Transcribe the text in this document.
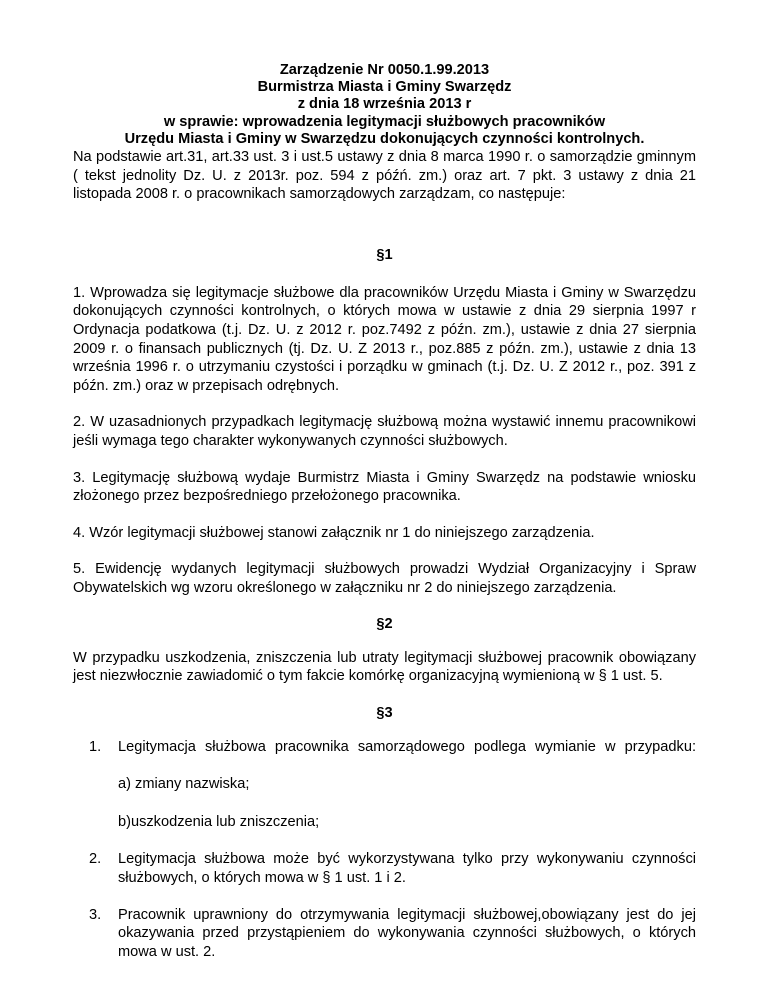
Zarządzenie Nr 0050.1.99.2013
Burmistrza Miasta i Gminy Swarzędz
z dnia 18 września 2013 r
w sprawie: wprowadzenia legitymacji służbowych pracowników
Urzędu Miasta i Gminy w Swarzędzu dokonujących czynności kontrolnych.

Na podstawie art.31, art.33 ust. 3 i ust.5 ustawy z dnia 8 marca 1990 r. o samorządzie gminnym ( tekst jednolity Dz. U. z 2013r. poz. 594 z późń. zm.) oraz art. 7 pkt. 3 ustawy z dnia 21 listopada 2008 r. o pracownikach samorządowych zarządzam, co następuje:

§1

1. Wprowadza się legitymacje służbowe dla pracowników Urzędu Miasta i Gminy w Swarzędzu dokonujących czynności kontrolnych, o których mowa w ustawie z dnia 29 sierpnia 1997 r Ordynacja podatkowa (t.j. Dz. U. z 2012 r. poz.7492 z późn. zm.), ustawie z dnia 27 sierpnia 2009 r. o finansach publicznych (tj. Dz. U. Z 2013 r., poz.885 z późn. zm.), ustawie z dnia 13 września 1996 r. o utrzymaniu czystości i porządku w gminach (t.j. Dz. U. Z 2012 r., poz. 391 z późn. zm.) oraz w przepisach odrębnych.

2. W uzasadnionych przypadkach legitymację służbową można wystawić innemu pracownikowi jeśli wymaga tego charakter wykonywanych czynności służbowych.

3. Legitymację służbową wydaje Burmistrz Miasta i Gminy Swarzędz na podstawie wniosku złożonego przez bezpośredniego przełożonego pracownika.

4. Wzór legitymacji służbowej stanowi załącznik nr 1 do niniejszego zarządzenia.

5. Ewidencję wydanych legitymacji służbowych prowadzi Wydział Organizacyjny i Spraw Obywatelskich wg wzoru określonego w załączniku nr 2 do niniejszego zarządzenia.

§2

W przypadku uszkodzenia, zniszczenia lub utraty legitymacji służbowej pracownik obowiązany jest niezwłocznie zawiadomić o tym fakcie komórkę organizacyjną wymienioną w § 1 ust. 5.

§3
1. Legitymacja służbowa pracownika samorządowego podlega wymianie w przypadku:
a) zmiany nazwiska;
b)uszkodzenia lub zniszczenia;
2. Legitymacja służbowa może być wykorzystywana tylko przy wykonywaniu czynności służbowych, o których mowa w § 1 ust. 1 i 2.
3. Pracownik uprawniony do otrzymywania legitymacji służbowej,obowiązany jest do jej okazywania przed przystąpieniem do wykonywania czynności służbowych, o których mowa w ust. 2.
